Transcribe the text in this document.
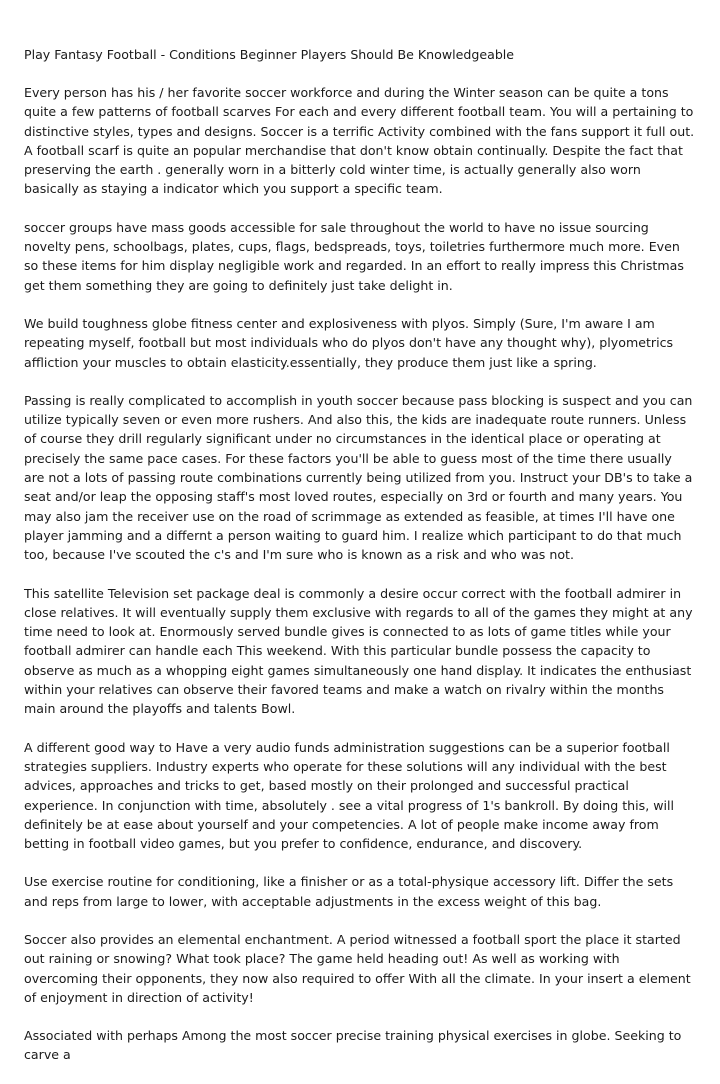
Play Fantasy Football - Conditions Beginner Players Should Be Knowledgeable

Every person has his / her favorite soccer workforce and during the Winter season can be quite a tons quite a few patterns of football scarves For each and every different football team. You will a pertaining to distinctive styles, types and designs. Soccer is a terrific Activity combined with the fans support it full out. A football scarf is quite an popular merchandise that don't know obtain continually. Despite the fact that preserving the earth . generally worn in a bitterly cold winter time, is actually generally also worn basically as staying a indicator which you support a specific team.

soccer groups have mass goods accessible for sale throughout the world to have no issue sourcing novelty pens, schoolbags, plates, cups, flags, bedspreads, toys, toiletries furthermore much more. Even so these items for him display negligible work and regarded. In an effort to really impress this Christmas get them something they are going to definitely just take delight in.

We build toughness globe fitness center and explosiveness with plyos. Simply (Sure, I'm aware I am repeating myself, football but most individuals who do plyos don't have any thought why), plyometrics affliction your muscles to obtain elasticity.essentially, they produce them just like a spring.

Passing is really complicated to accomplish in youth soccer because pass blocking is suspect and you can utilize typically seven or even more rushers. And also this, the kids are inadequate route runners. Unless of course they drill regularly significant under no circumstances in the identical place or operating at precisely the same pace cases. For these factors you'll be able to guess most of the time there usually are not a lots of passing route combinations currently being utilized from you. Instruct your DB's to take a seat and/or leap the opposing staff's most loved routes, especially on 3rd or fourth and many years. You may also jam the receiver use on the road of scrimmage as extended as feasible, at times I'll have one player jamming and a differnt a person waiting to guard him. I realize which participant to do that much too, because I've scouted the c's and I'm sure who is known as a risk and who was not.

This satellite Television set package deal is commonly a desire occur correct with the football admirer in close relatives. It will eventually supply them exclusive with regards to all of the games they might at any time need to look at. Enormously served bundle gives is connected to as lots of game titles while your football admirer can handle each This weekend. With this particular bundle possess the capacity to observe as much as a whopping eight games simultaneously one hand display. It indicates the enthusiast within your relatives can observe their favored teams and make a watch on rivalry within the months main around the playoffs and talents Bowl.

A different good way to Have a very audio funds administration suggestions can be a superior football strategies suppliers. Industry experts who operate for these solutions will any individual with the best advices, approaches and tricks to get, based mostly on their prolonged and successful practical experience. In conjunction with time, absolutely . see a vital progress of 1's bankroll. By doing this, will definitely be at ease about yourself and your competencies. A lot of people make income away from betting in football video games, but you prefer to confidence, endurance, and discovery.

Use exercise routine for conditioning, like a finisher or as a total-physique accessory lift. Differ the sets and reps from large to lower, with acceptable adjustments in the excess weight of this bag.

Soccer also provides an elemental enchantment. A period witnessed a football sport the place it started out raining or snowing? What took place? The game held heading out! As well as working with overcoming their opponents, they now also required to offer With all the climate. In your insert a element of enjoyment in direction of activity!

Associated with perhaps Among the most soccer precise training physical exercises in globe. Seeking to carve a
